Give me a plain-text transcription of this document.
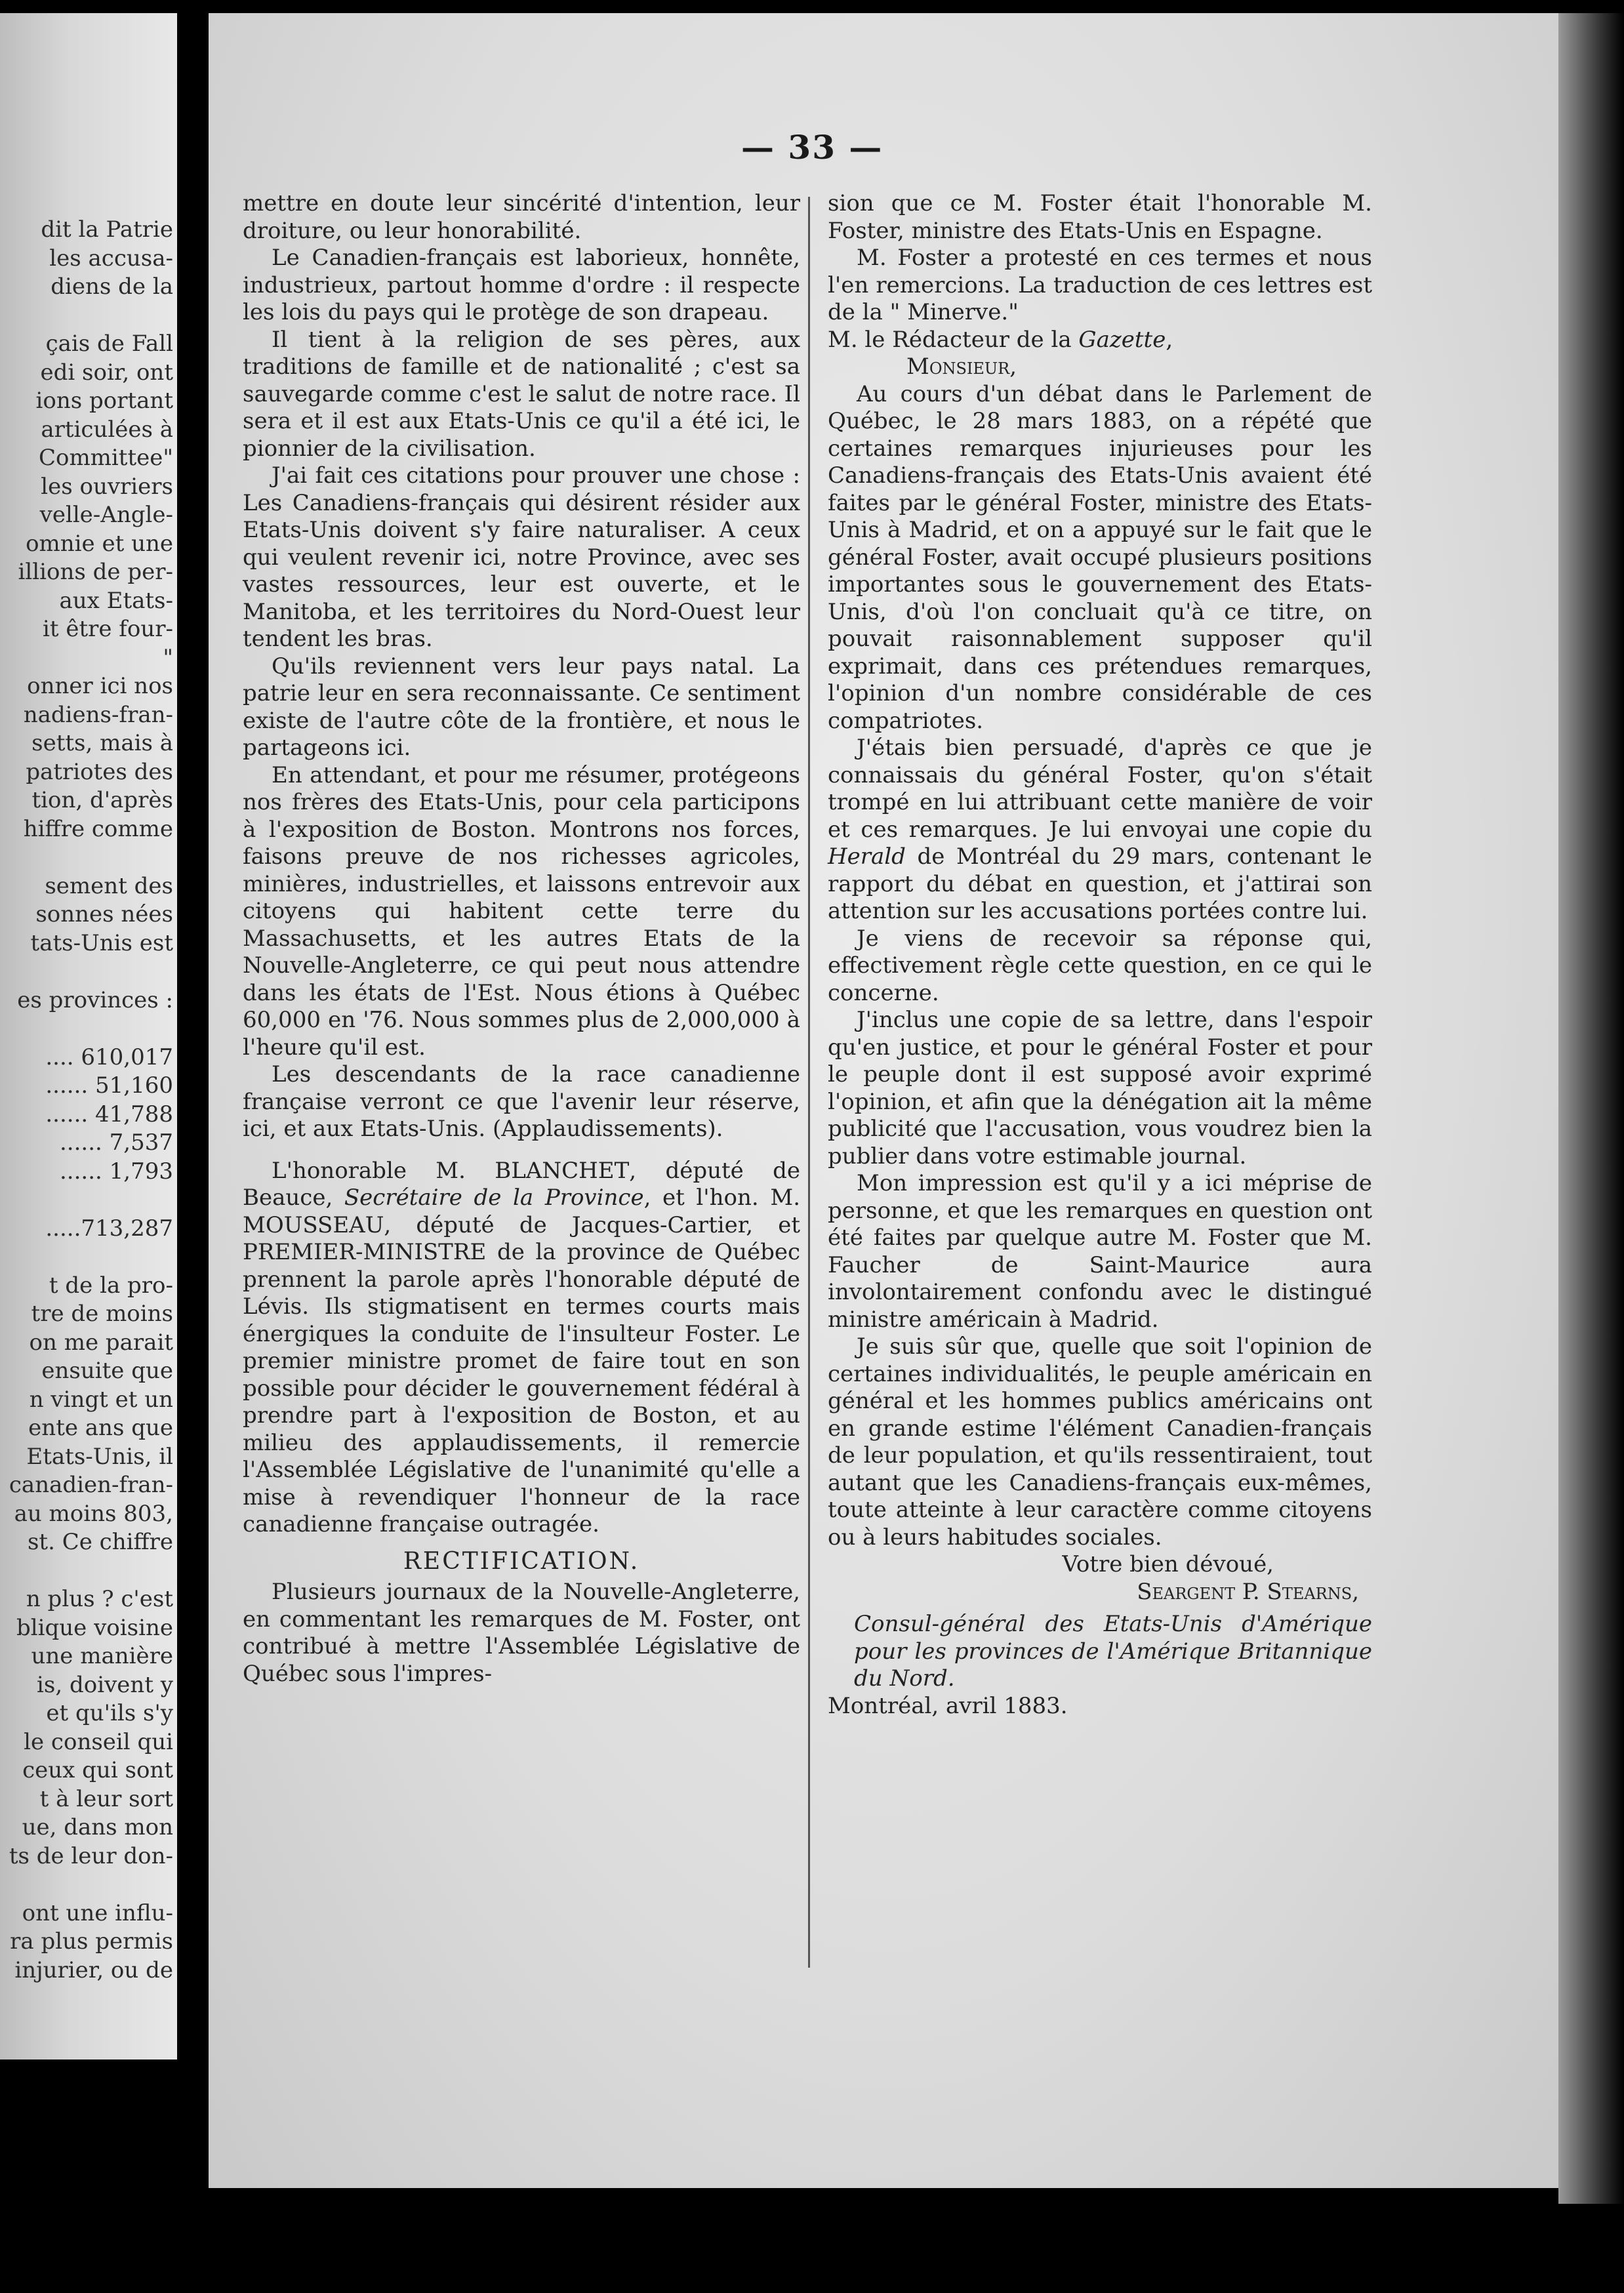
dit la Patrie
les accusa-
diens de la
çais de Fall
edi soir, ont
ions portant
articulées à
Committee"
les ouvriers
velle-Angle-
omnie et une
illions de per-
aux Etats-
it être four-
"
onner ici nos
nadiens-fran-
setts, mais à
patriotes des
tion, d'après
hiffre comme
sement des
sonnes nées
tats-Unis est
es provinces :
.... 610,017
...... 51,160
...... 41,788
...... 7,537
...... 1,793
.....713,287
t de la pro-
tre de moins
on me parait
ensuite que
n vingt et un
ente ans que
Etats-Unis, il
canadien-fran-
au moins 803,
st. Ce chiffre
n plus ? c'est
blique voisine
une manière
is, doivent y
et qu'ils s'y
le conseil qui
ceux qui sont
t à leur sort
ue, dans mon
ts de leur don-
ont une influ-
ra plus permis
injurier, ou de
— 33 —

mettre en doute leur sincérité d'intention, leur droiture, ou leur honorabilité.

Le Canadien-français est laborieux, honnête, industrieux, partout homme d'ordre : il respecte les lois du pays qui le protège de son drapeau.

Il tient à la religion de ses pères, aux traditions de famille et de nationalité ; c'est sa sauvegarde comme c'est le salut de notre race. Il sera et il est aux Etats-Unis ce qu'il a été ici, le pionnier de la civilisation.

J'ai fait ces citations pour prouver une chose : Les Canadiens-français qui désirent résider aux Etats-Unis doivent s'y faire naturaliser. A ceux qui veulent revenir ici, notre Province, avec ses vastes ressources, leur est ouverte, et le Manitoba, et les territoires du Nord-Ouest leur tendent les bras.

Qu'ils reviennent vers leur pays natal. La patrie leur en sera reconnaissante. Ce sentiment existe de l'autre côte de la frontière, et nous le partageons ici.

En attendant, et pour me résumer, protégeons nos frères des Etats-Unis, pour cela participons à l'exposition de Boston. Montrons nos forces, faisons preuve de nos richesses agricoles, minières, industrielles, et laissons entrevoir aux citoyens qui habitent cette terre du Massachusetts, et les autres Etats de la Nouvelle-Angleterre, ce qui peut nous attendre dans les états de l'Est. Nous étions à Québec 60,000 en '76. Nous sommes plus de 2,000,000 à l'heure qu'il est.

Les descendants de la race canadienne française verront ce que l'avenir leur réserve, ici, et aux Etats-Unis. (Applaudissements).

L'honorable M. BLANCHET, député de Beauce, Secrétaire de la Province, et l'hon. M. MOUSSEAU, député de Jacques-Cartier, et PREMIER-MINISTRE de la province de Québec prennent la parole après l'honorable député de Lévis. Ils stigmatisent en termes courts mais énergiques la conduite de l'insulteur Foster. Le premier ministre promet de faire tout en son possible pour décider le gouvernement fédéral à prendre part à l'exposition de Boston, et au milieu des applaudissements, il remercie l'Assemblée Législative de l'unanimité qu'elle a mise à revendiquer l'honneur de la race canadienne française outragée.

RECTIFICATION.

Plusieurs journaux de la Nouvelle-Angleterre, en commentant les remarques de M. Foster, ont contribué à mettre l'Assemblée Législative de Québec sous l'impres-

sion que ce M. Foster était l'honorable M. Foster, ministre des Etats-Unis en Espagne.

M. Foster a protesté en ces termes et nous l'en remercions. La traduction de ces lettres est de la " Minerve."

M. le Rédacteur de la Gazette,

Monsieur,

Au cours d'un débat dans le Parlement de Québec, le 28 mars 1883, on a répété que certaines remarques injurieuses pour les Canadiens-français des Etats-Unis avaient été faites par le général Foster, ministre des Etats-Unis à Madrid, et on a appuyé sur le fait que le général Foster, avait occupé plusieurs positions importantes sous le gouvernement des Etats-Unis, d'où l'on concluait qu'à ce titre, on pouvait raisonnablement supposer qu'il exprimait, dans ces prétendues remarques, l'opinion d'un nombre considérable de ces compatriotes.

J'étais bien persuadé, d'après ce que je connaissais du général Foster, qu'on s'était trompé en lui attribuant cette manière de voir et ces remarques. Je lui envoyai une copie du Herald de Montréal du 29 mars, contenant le rapport du débat en question, et j'attirai son attention sur les accusations portées contre lui.

Je viens de recevoir sa réponse qui, effectivement règle cette question, en ce qui le concerne.

J'inclus une copie de sa lettre, dans l'espoir qu'en justice, et pour le général Foster et pour le peuple dont il est supposé avoir exprimé l'opinion, et afin que la dénégation ait la même publicité que l'accusation, vous voudrez bien la publier dans votre estimable journal.

Mon impression est qu'il y a ici méprise de personne, et que les remarques en question ont été faites par quelque autre M. Foster que M. Faucher de Saint-Maurice aura involontairement confondu avec le distingué ministre américain à Madrid.

Je suis sûr que, quelle que soit l'opinion de certaines individualités, le peuple américain en général et les hommes publics américains ont en grande estime l'élément Canadien-français de leur population, et qu'ils ressentiraient, tout autant que les Canadiens-français eux-mêmes, toute atteinte à leur caractère comme citoyens ou à leurs habitudes sociales.

Votre bien dévoué,

Seargent P. Stearns,

Consul-général des Etats-Unis d'Amérique pour les provinces de l'Amérique Britannique du Nord.

Montréal, avril 1883.
